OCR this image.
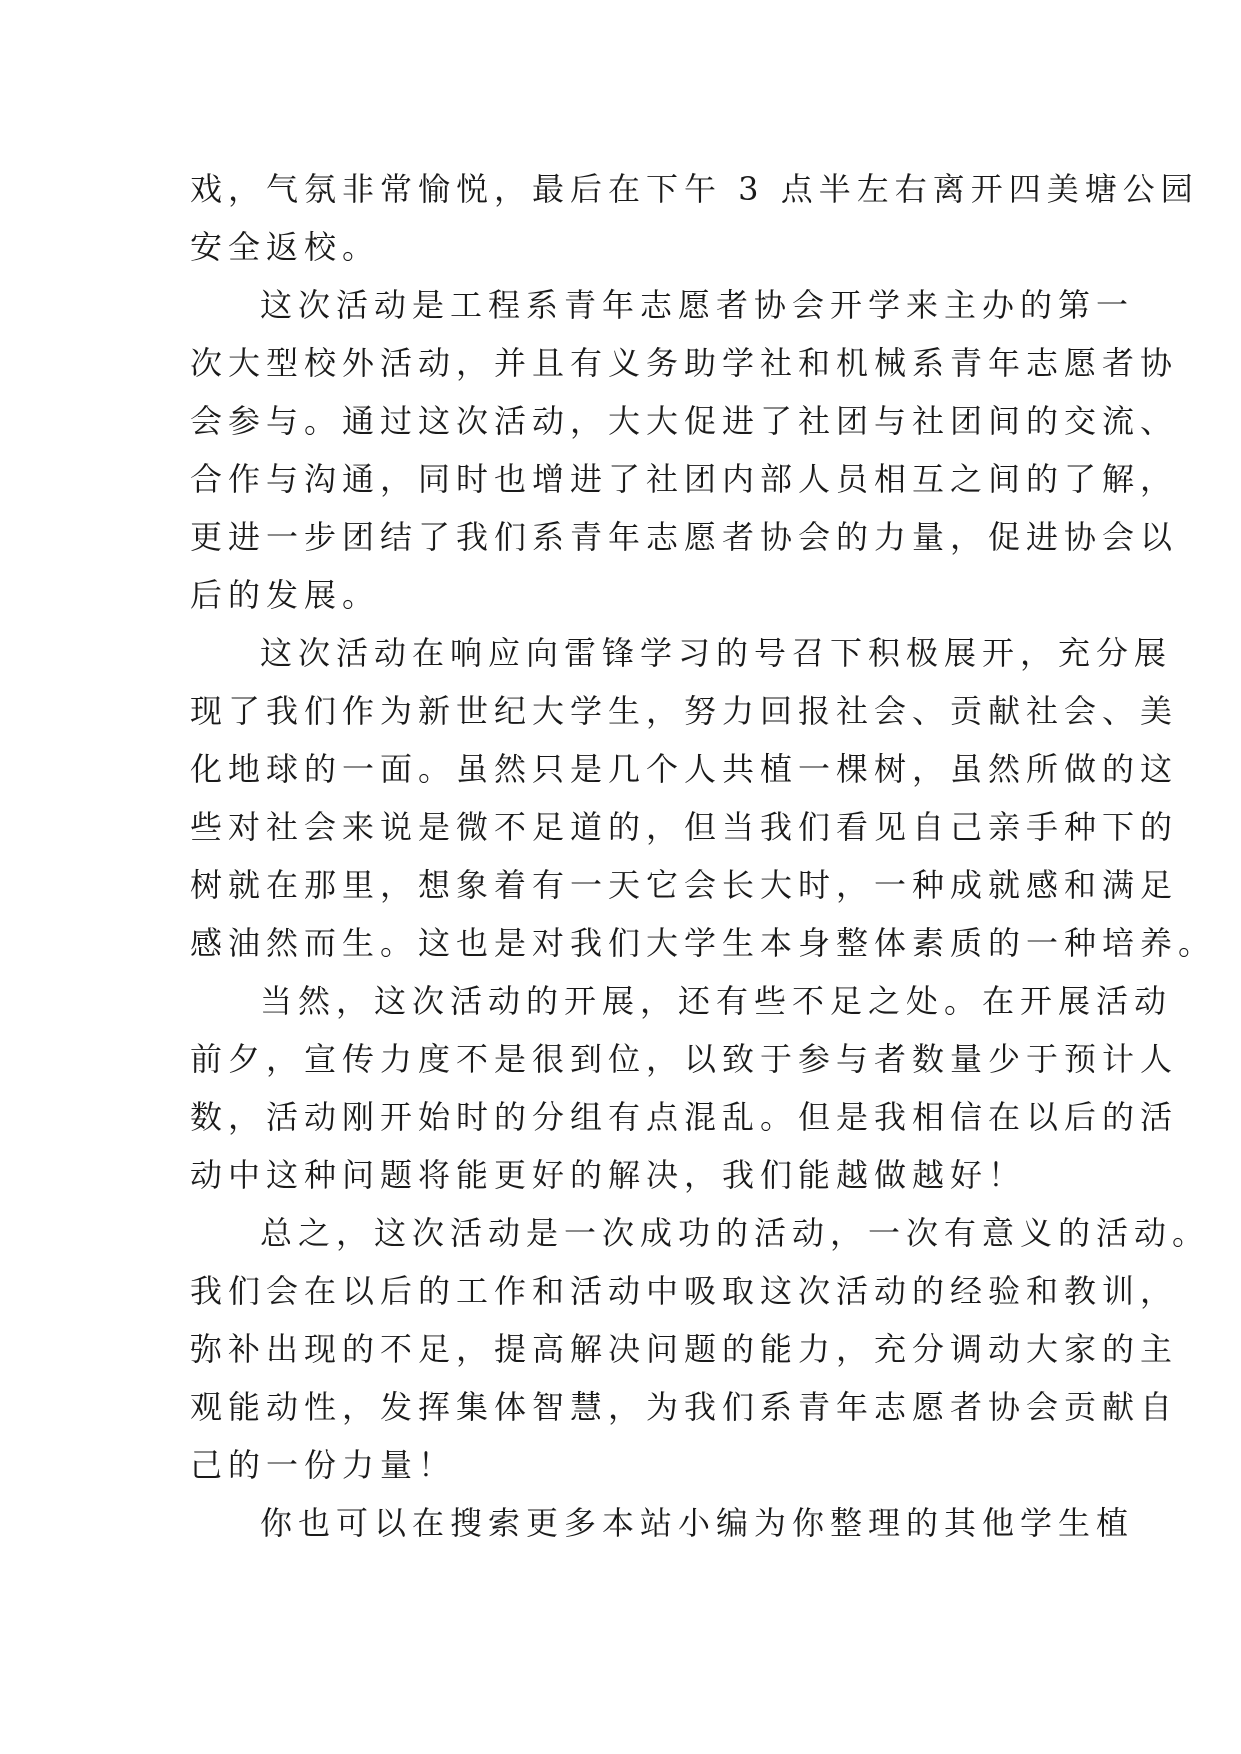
戏，气氛非常愉悦，最后在下午 3 点半左右离开四美塘公园
安全返校。
这次活动是工程系青年志愿者协会开学来主办的第一
次大型校外活动，并且有义务助学社和机械系青年志愿者协
会参与。通过这次活动，大大促进了社团与社团间的交流、
合作与沟通，同时也增进了社团内部人员相互之间的了解，
更进一步团结了我们系青年志愿者协会的力量，促进协会以
后的发展。
这次活动在响应向雷锋学习的号召下积极展开，充分展
现了我们作为新世纪大学生，努力回报社会、贡献社会、美
化地球的一面。虽然只是几个人共植一棵树，虽然所做的这
些对社会来说是微不足道的，但当我们看见自己亲手种下的
树就在那里，想象着有一天它会长大时，一种成就感和满足
感油然而生。这也是对我们大学生本身整体素质的一种培养。
当然，这次活动的开展，还有些不足之处。在开展活动
前夕，宣传力度不是很到位，以致于参与者数量少于预计人
数，活动刚开始时的分组有点混乱。但是我相信在以后的活
动中这种问题将能更好的解决，我们能越做越好！
总之，这次活动是一次成功的活动，一次有意义的活动。
我们会在以后的工作和活动中吸取这次活动的经验和教训，
弥补出现的不足，提高解决问题的能力，充分调动大家的主
观能动性，发挥集体智慧，为我们系青年志愿者协会贡献自
己的一份力量！
你也可以在搜索更多本站小编为你整理的其他学生植
